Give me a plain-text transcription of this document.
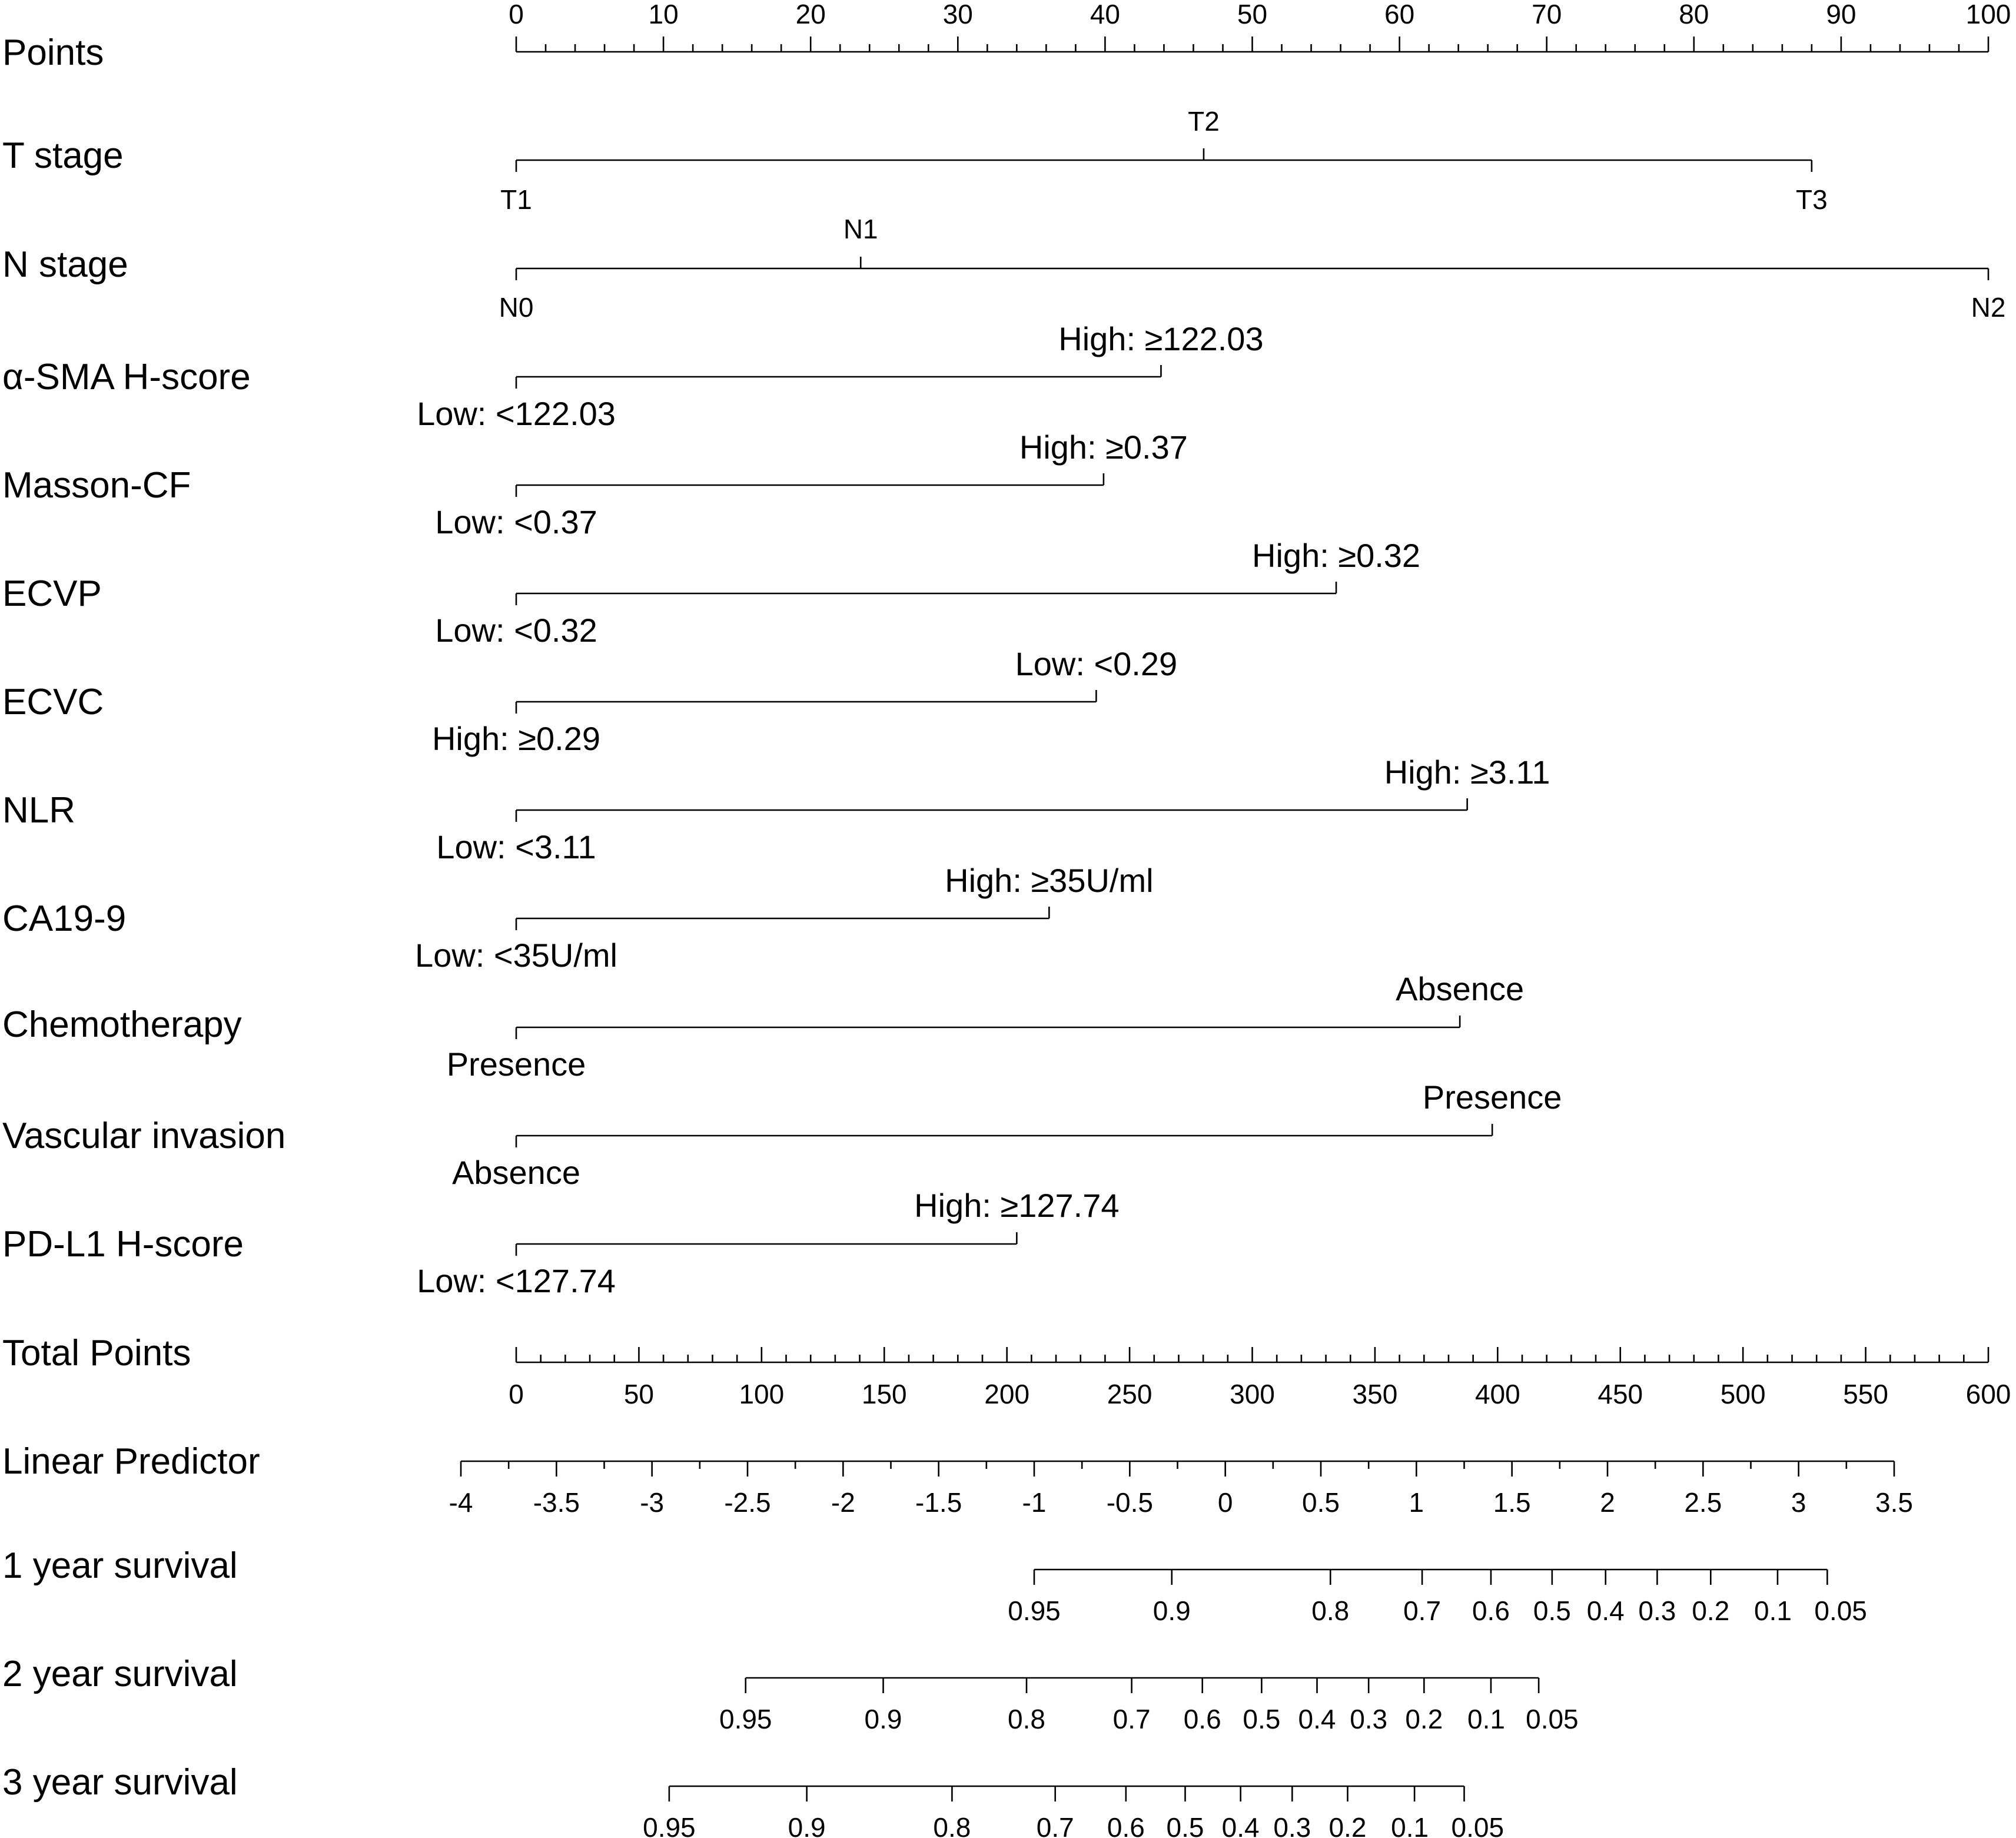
Points
0	10	20	30	40	50	60	70	80	90	100
T stage
T1
T2
T3
N stage
N0
N1
N2
α-SMA H-score
Low: <122.03
High: ≥122.03
Masson-CF
Low: <0.37
High: ≥0.37
ECVP
Low: <0.32
High: ≥0.32
ECVC
High: ≥0.29
Low: <0.29
NLR
Low: <3.11
High: ≥3.11
CA19-9
Low: <35U/ml
High: ≥35U/ml
Chemotherapy
Presence
Absence
Vascular invasion
Absence
Presence
PD-L1 H-score
Low: <127.74
High: ≥127.74
Total Points
0	50	100	150	200	250	300	350	400	450	500	550	600
Linear Predictor
-4 -3.5 -3 -2.5 -2 -1.5 -1 -0.5 0	0.5	1	1.5	2	2.5	3	3.5
1 year survival
0.95	0.9	0.8 0.7 0.6 0.5 0.4 0.3 0.2 0.1 0.05
2 year survival
0.95	0.9	0.8 0.7 0.6 0.5 0.4 0.3 0.2 0.1 0.05
3 year survival
0.95	0.9	0.8 0.7 0.6 0.5 0.4 0.3 0.2 0.1 0.05
